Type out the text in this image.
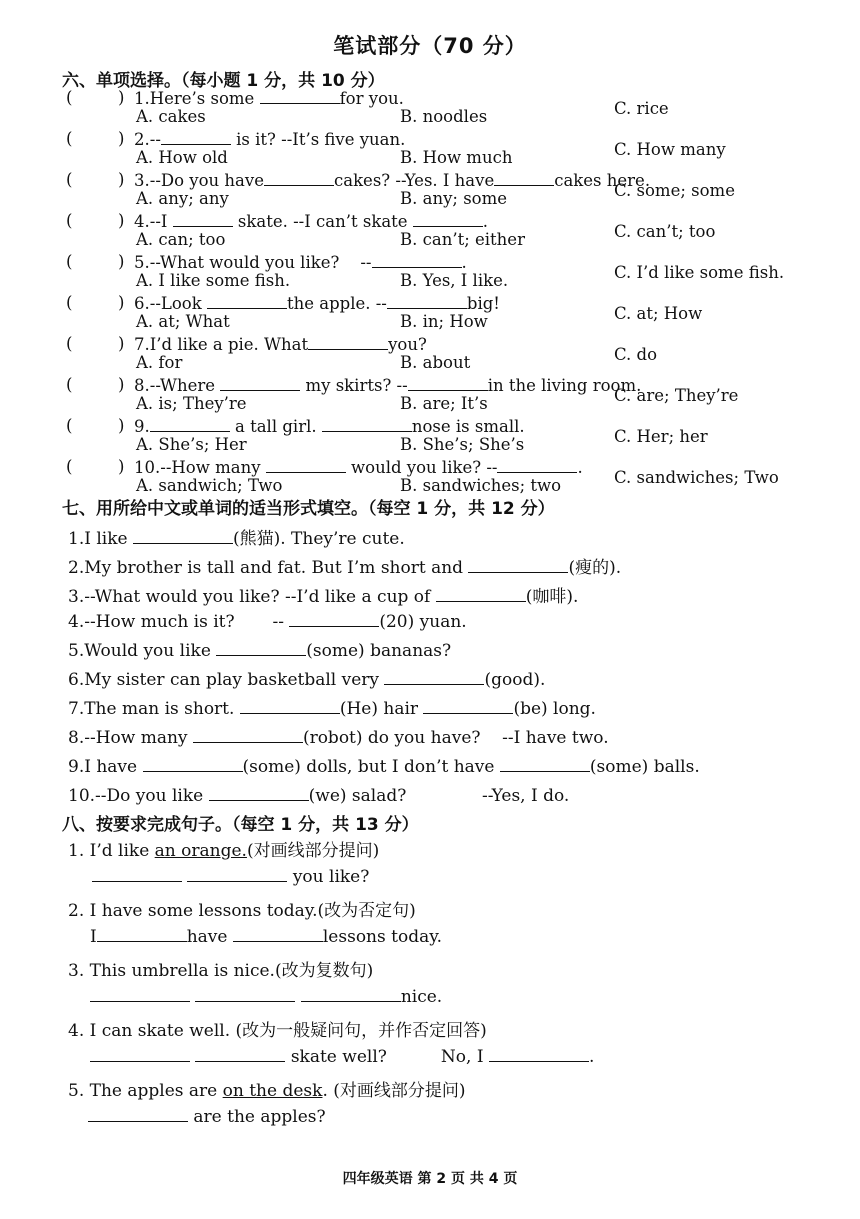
笔试部分（70 分）
六、单项选择。（每小题 1 分，共 10 分）
(	) 1.Here’s some	for you.
A. cakes	B. noodles	C. rice
(	) 2.--	is it? --It’s five yuan.
A. How old	B. How much	C. How many
(	) 3.--Do you have	cakes? --Yes. I have	cakes here.
A. any; any	B. any; some	C. some; some
(	) 4.--I	skate. --I can’t skate	.
A. can; too	B. can’t; either	C. can’t; too
(	) 5.--What would you like? --	.
A. I like some fish.	B. Yes, I like.	C. I’d like some fish.
(	) 6.--Look	the apple. --	big!
A. at; What	B. in; How	C. at; How
(	) 7.I’d like a pie. What	you?
A. for	B. about	C. do
(	) 8.--Where	my skirts? --	in the living room.
A. is; They’re	B. are; It’s	C. are; They’re
(	) 9.	a tall girl.	nose is small.
A. She’s; Her	B. She’s; She’s	C. Her; her
(	) 10.--How many	would you like? --	.
A. sandwich; Two	B. sandwiches; two	C. sandwiches; Two
七、用所给中文或单词的适当形式填空。（每空 1 分，共 12 分）
1.I like	(熊猫). They’re cute.
2.My brother is tall and fat. But I’m short and	(瘦的).
3.--What would you like? --I’d like a cup of	(咖啡).
4.--How much is it? --	(20) yuan.
5.Would you like	(some) bananas?
6.My sister can play basketball very	(good).
7.The man is short.	(He) hair	(be) long.
8.--How many	(robot) do you have? --I have two.
9.I have	(some) dolls, but I don’t have	(some) balls.
10.--Do you like	(we) salad?	--Yes, I do.
八、按要求完成句子。（每空 1 分，共 13 分）
1. I’d like an orange.(对画线部分提问)
you like?
2. I have some lessons today.(改为否定句)
I	have	lessons today.
3. This umbrella is nice.(改为复数句)
nice.
4. I can skate well. (改为一般疑问句，并作否定回答)
skate well?	No, I	.
5. The apples are on the desk. (对画线部分提问)
are the apples?
四年级英语 第 2 页 共 4 页
